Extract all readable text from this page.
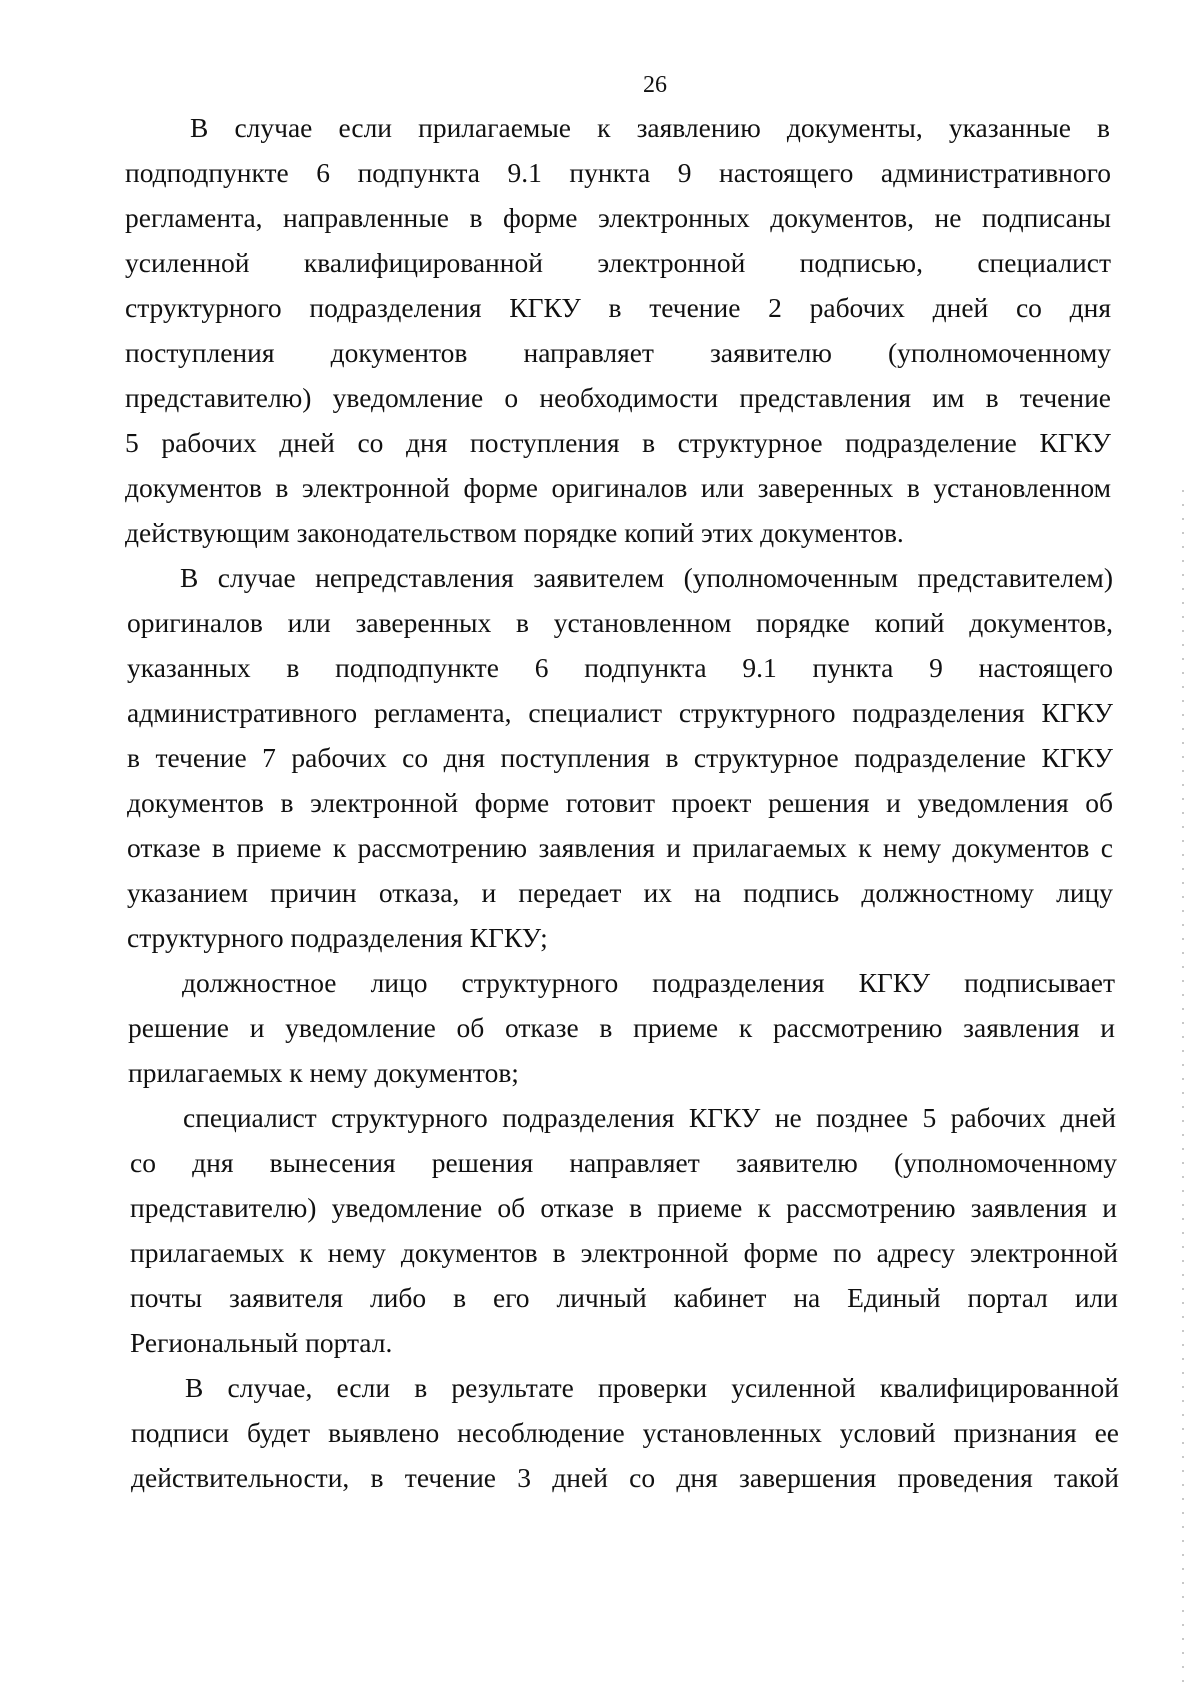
26
В случае если прилагаемые к заявлению документы, указанные в
подподпункте 6 подпункта 9.1 пункта 9 настоящего административного
регламента, направленные в форме электронных документов, не подписаны
усиленной квалифицированной электронной подписью, специалист
структурного подразделения КГКУ в течение 2 рабочих дней со дня
поступления документов направляет заявителю (уполномоченному
представителю) уведомление о необходимости представления им в течение
5 рабочих дней со дня поступления в структурное подразделение КГКУ
документов в электронной форме оригиналов или заверенных в установленном
действующим законодательством порядке копий этих документов.
В случае непредставления заявителем (уполномоченным представителем)
оригиналов или заверенных в установленном порядке копий документов,
указанных в подподпункте 6 подпункта 9.1 пункта 9 настоящего
административного регламента, специалист структурного подразделения КГКУ
в течение 7 рабочих со дня поступления в структурное подразделение КГКУ
документов в электронной форме готовит проект решения и уведомления об
отказе в приеме к рассмотрению заявления и прилагаемых к нему документов с
указанием причин отказа, и передает их на подпись должностному лицу
структурного подразделения КГКУ;
должностное лицо структурного подразделения КГКУ подписывает
решение и уведомление об отказе в приеме к рассмотрению заявления и
прилагаемых к нему документов;
специалист структурного подразделения КГКУ не позднее 5 рабочих дней
со дня вынесения решения направляет заявителю (уполномоченному
представителю) уведомление об отказе в приеме к рассмотрению заявления и
прилагаемых к нему документов в электронной форме по адресу электронной
почты заявителя либо в его личный кабинет на Единый портал или
Региональный портал.
В случае, если в результате проверки усиленной квалифицированной
подписи будет выявлено несоблюдение установленных условий признания ее
действительности, в течение 3 дней со дня завершения проведения такой
